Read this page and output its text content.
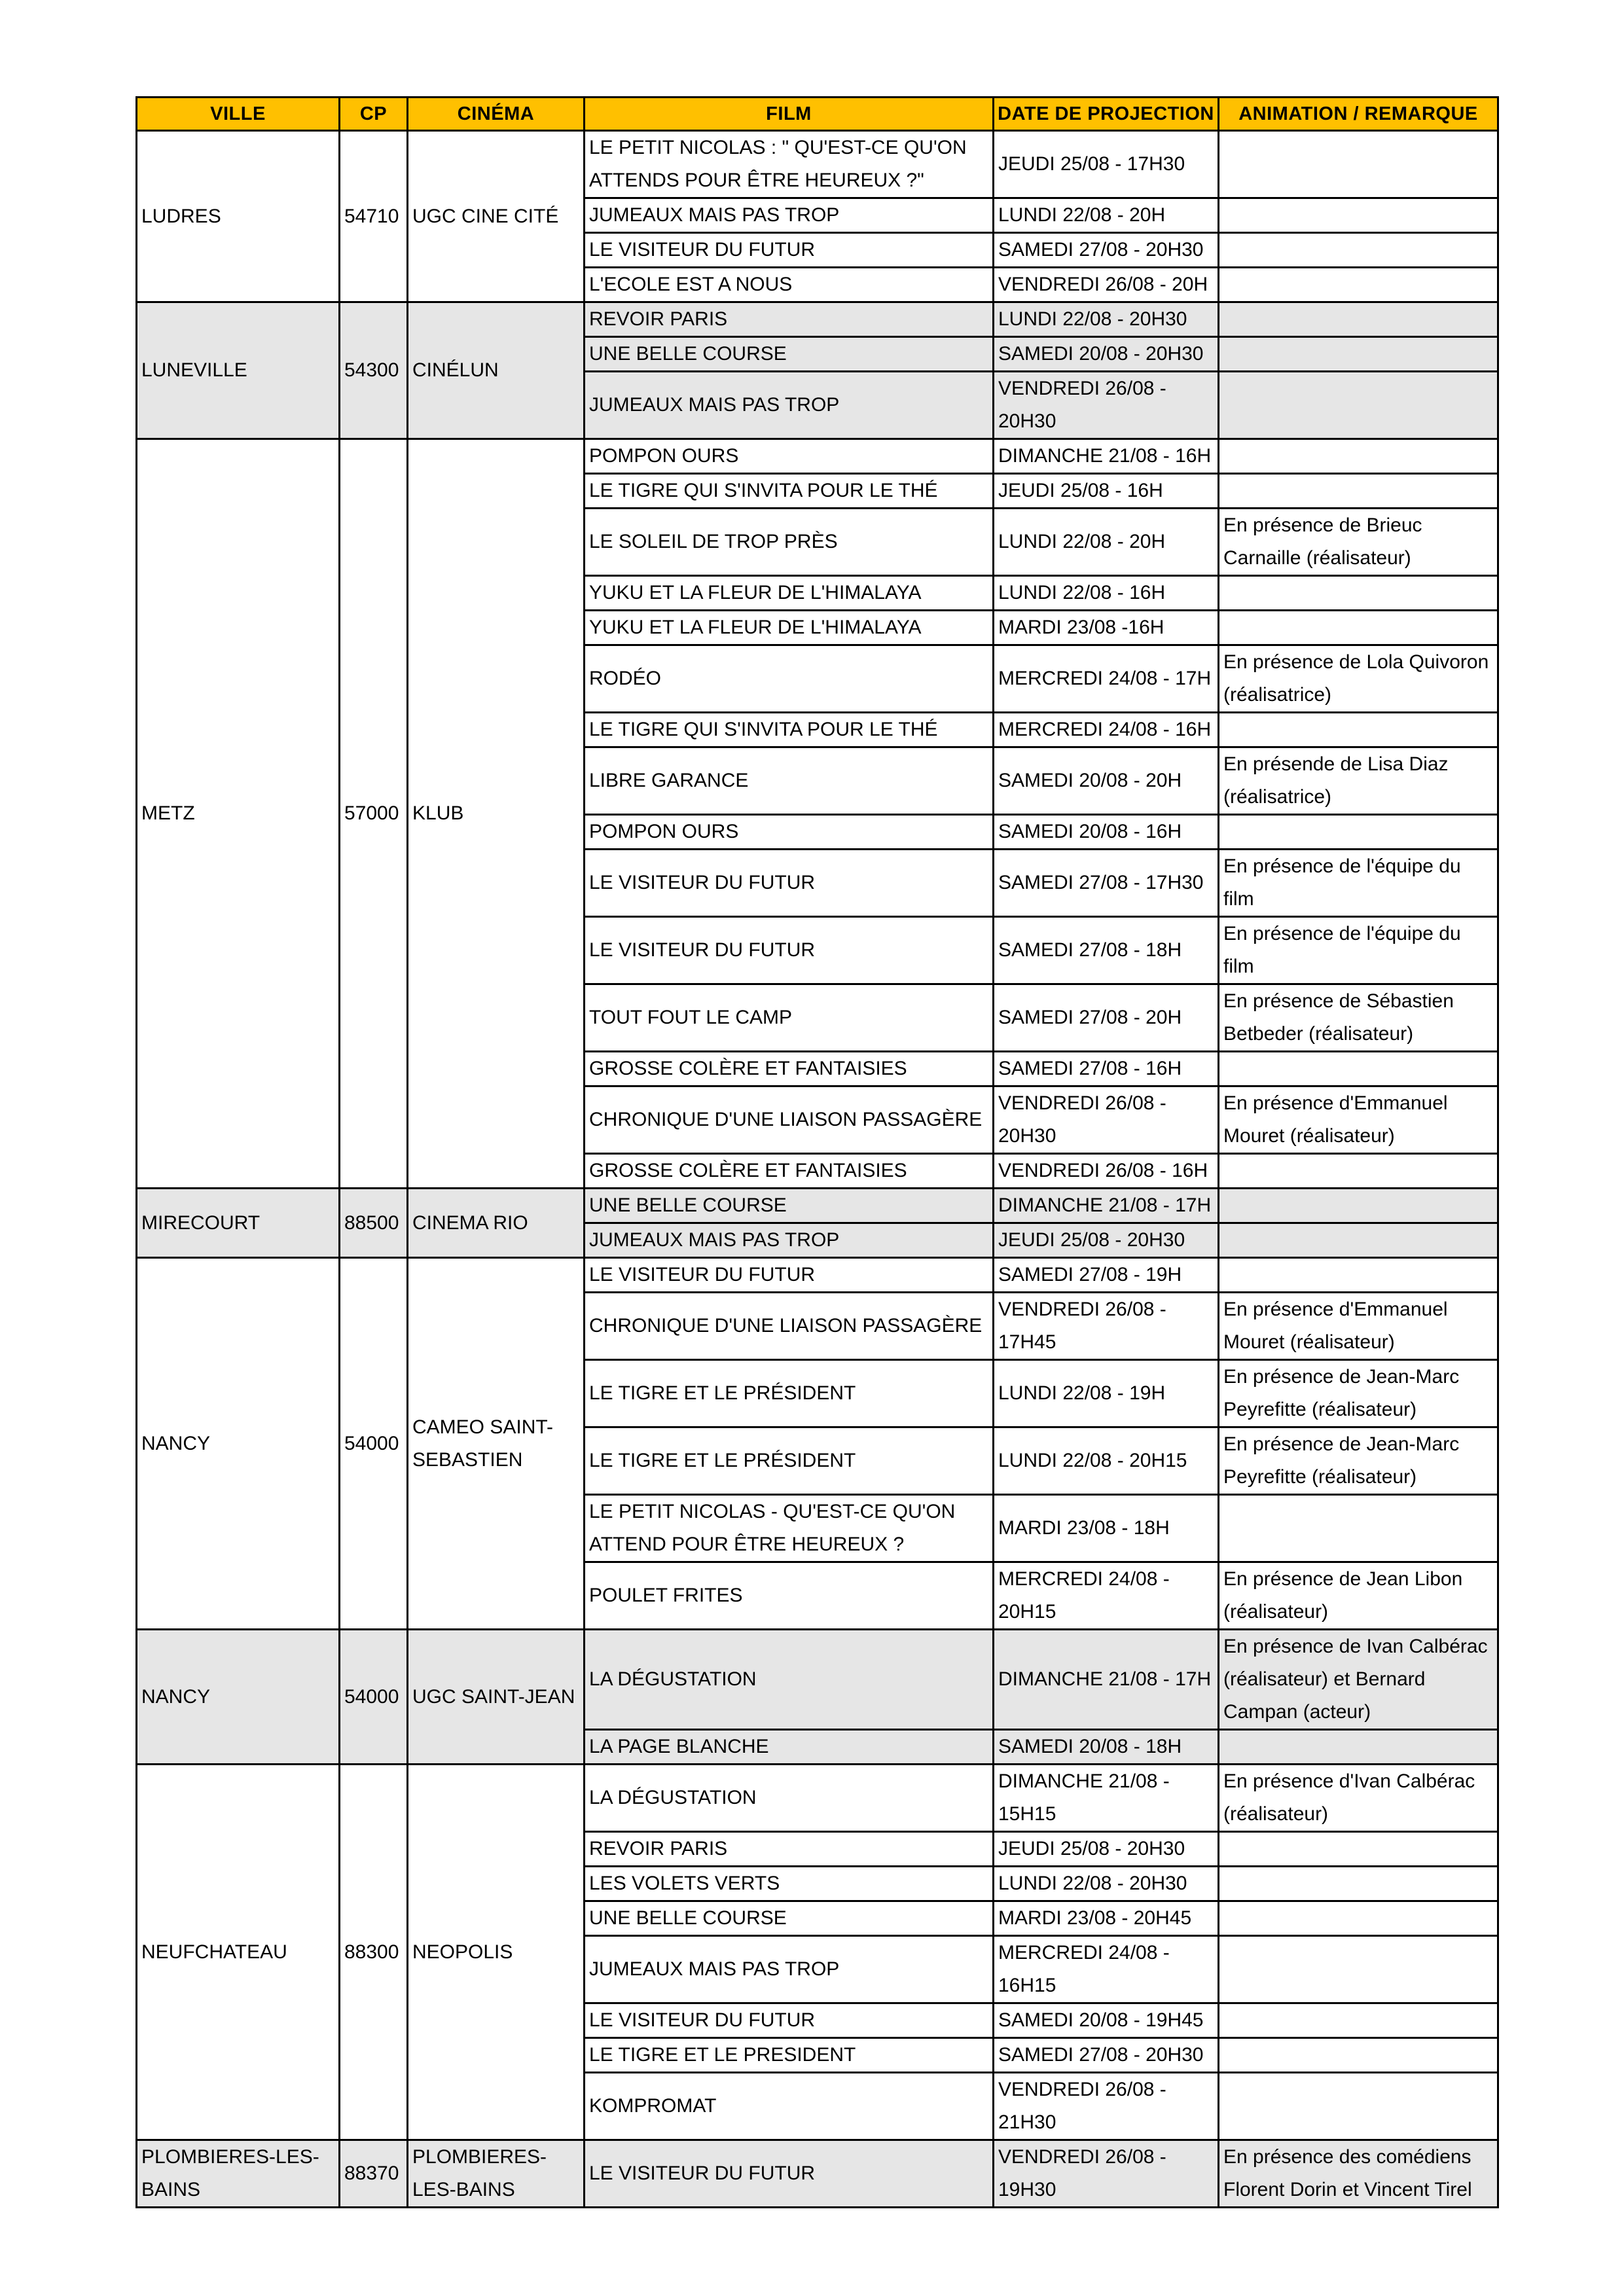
VILLE	CP	CINÉMA	FILM	DATE DE PROJECTION	ANIMATION / REMARQUE
LUDRES	54710	UGC CINE CITÉ	LE PETIT NICOLAS : " QU'EST-CE QU'ON ATTENDS POUR ÊTRE HEUREUX ?"	JEUDI 25/08 - 17H30	
			JUMEAUX MAIS PAS TROP	LUNDI 22/08 - 20H	
			LE VISITEUR DU FUTUR	SAMEDI 27/08 - 20H30	
			L'ECOLE EST A NOUS	VENDREDI 26/08 - 20H	
LUNEVILLE	54300	CINÉLUN	REVOIR PARIS	LUNDI 22/08 - 20H30	
			UNE BELLE COURSE	SAMEDI 20/08 - 20H30	
			JUMEAUX MAIS PAS TROP	VENDREDI 26/08 - 20H30	
METZ	57000	KLUB	POMPON OURS	DIMANCHE 21/08 - 16H	
			LE TIGRE QUI S'INVITA POUR LE THÉ	JEUDI 25/08 - 16H	
			LE SOLEIL DE TROP PRÈS	LUNDI 22/08 - 20H	En présence de Brieuc Carnaille (réalisateur)
			YUKU ET LA FLEUR DE L'HIMALAYA	LUNDI 22/08 - 16H	
			YUKU ET LA FLEUR DE L'HIMALAYA	MARDI 23/08 -16H	
			RODÉO	MERCREDI 24/08 - 17H	En présence de Lola Quivoron (réalisatrice)
			LE TIGRE QUI S'INVITA POUR LE THÉ	MERCREDI 24/08 - 16H	
			LIBRE GARANCE	SAMEDI 20/08 - 20H	En présende de Lisa Diaz (réalisatrice)
			POMPON OURS	SAMEDI 20/08 - 16H	
			LE VISITEUR DU FUTUR	SAMEDI 27/08 - 17H30	En présence de l'équipe du film
			LE VISITEUR DU FUTUR	SAMEDI 27/08 - 18H	En présence de l'équipe du film
			TOUT FOUT LE CAMP	SAMEDI 27/08 - 20H	En présence de Sébastien Betbeder (réalisateur)
			GROSSE COLÈRE ET FANTAISIES	SAMEDI 27/08 - 16H	
			CHRONIQUE D'UNE LIAISON PASSAGÈRE	VENDREDI 26/08 - 20H30	En présence d'Emmanuel Mouret (réalisateur)
			GROSSE COLÈRE ET FANTAISIES	VENDREDI 26/08 - 16H	
MIRECOURT	88500	CINEMA RIO	UNE BELLE COURSE	DIMANCHE 21/08 - 17H	
			JUMEAUX MAIS PAS TROP	JEUDI 25/08 - 20H30	
NANCY	54000	CAMEO SAINT-SEBASTIEN	LE VISITEUR DU FUTUR	SAMEDI 27/08 - 19H	
			CHRONIQUE D'UNE LIAISON PASSAGÈRE	VENDREDI 26/08 - 17H45	En présence d'Emmanuel Mouret (réalisateur)
			LE TIGRE ET LE PRÉSIDENT	LUNDI 22/08 - 19H	En présence de Jean-Marc Peyrefitte (réalisateur)
			LE TIGRE ET LE PRÉSIDENT	LUNDI 22/08 - 20H15	En présence de Jean-Marc Peyrefitte (réalisateur)
			LE PETIT NICOLAS - QU'EST-CE QU'ON ATTEND POUR ÊTRE HEUREUX ?	MARDI 23/08 - 18H	
			POULET FRITES	MERCREDI 24/08 - 20H15	En présence de Jean Libon (réalisateur)
NANCY	54000	UGC SAINT-JEAN	LA DÉGUSTATION	DIMANCHE 21/08 - 17H	En présence de Ivan Calbérac (réalisateur) et Bernard Campan (acteur)
			LA PAGE BLANCHE	SAMEDI 20/08 - 18H	
NEUFCHATEAU	88300	NEOPOLIS	LA DÉGUSTATION	DIMANCHE 21/08 - 15H15	En présence d'Ivan Calbérac (réalisateur)
			REVOIR PARIS	JEUDI 25/08 - 20H30	
			LES VOLETS VERTS	LUNDI 22/08 - 20H30	
			UNE BELLE COURSE	MARDI 23/08 - 20H45	
			JUMEAUX MAIS PAS TROP	MERCREDI 24/08 - 16H15	
			LE VISITEUR DU FUTUR	SAMEDI 20/08 - 19H45	
			LE TIGRE ET LE PRESIDENT	SAMEDI 27/08 - 20H30	
			KOMPROMAT	VENDREDI 26/08 - 21H30	
PLOMBIERES-LES-BAINS	88370	PLOMBIERES-LES-BAINS	LE VISITEUR DU FUTUR	VENDREDI 26/08 - 19H30	En présence des comédiens Florent Dorin et Vincent Tirel
